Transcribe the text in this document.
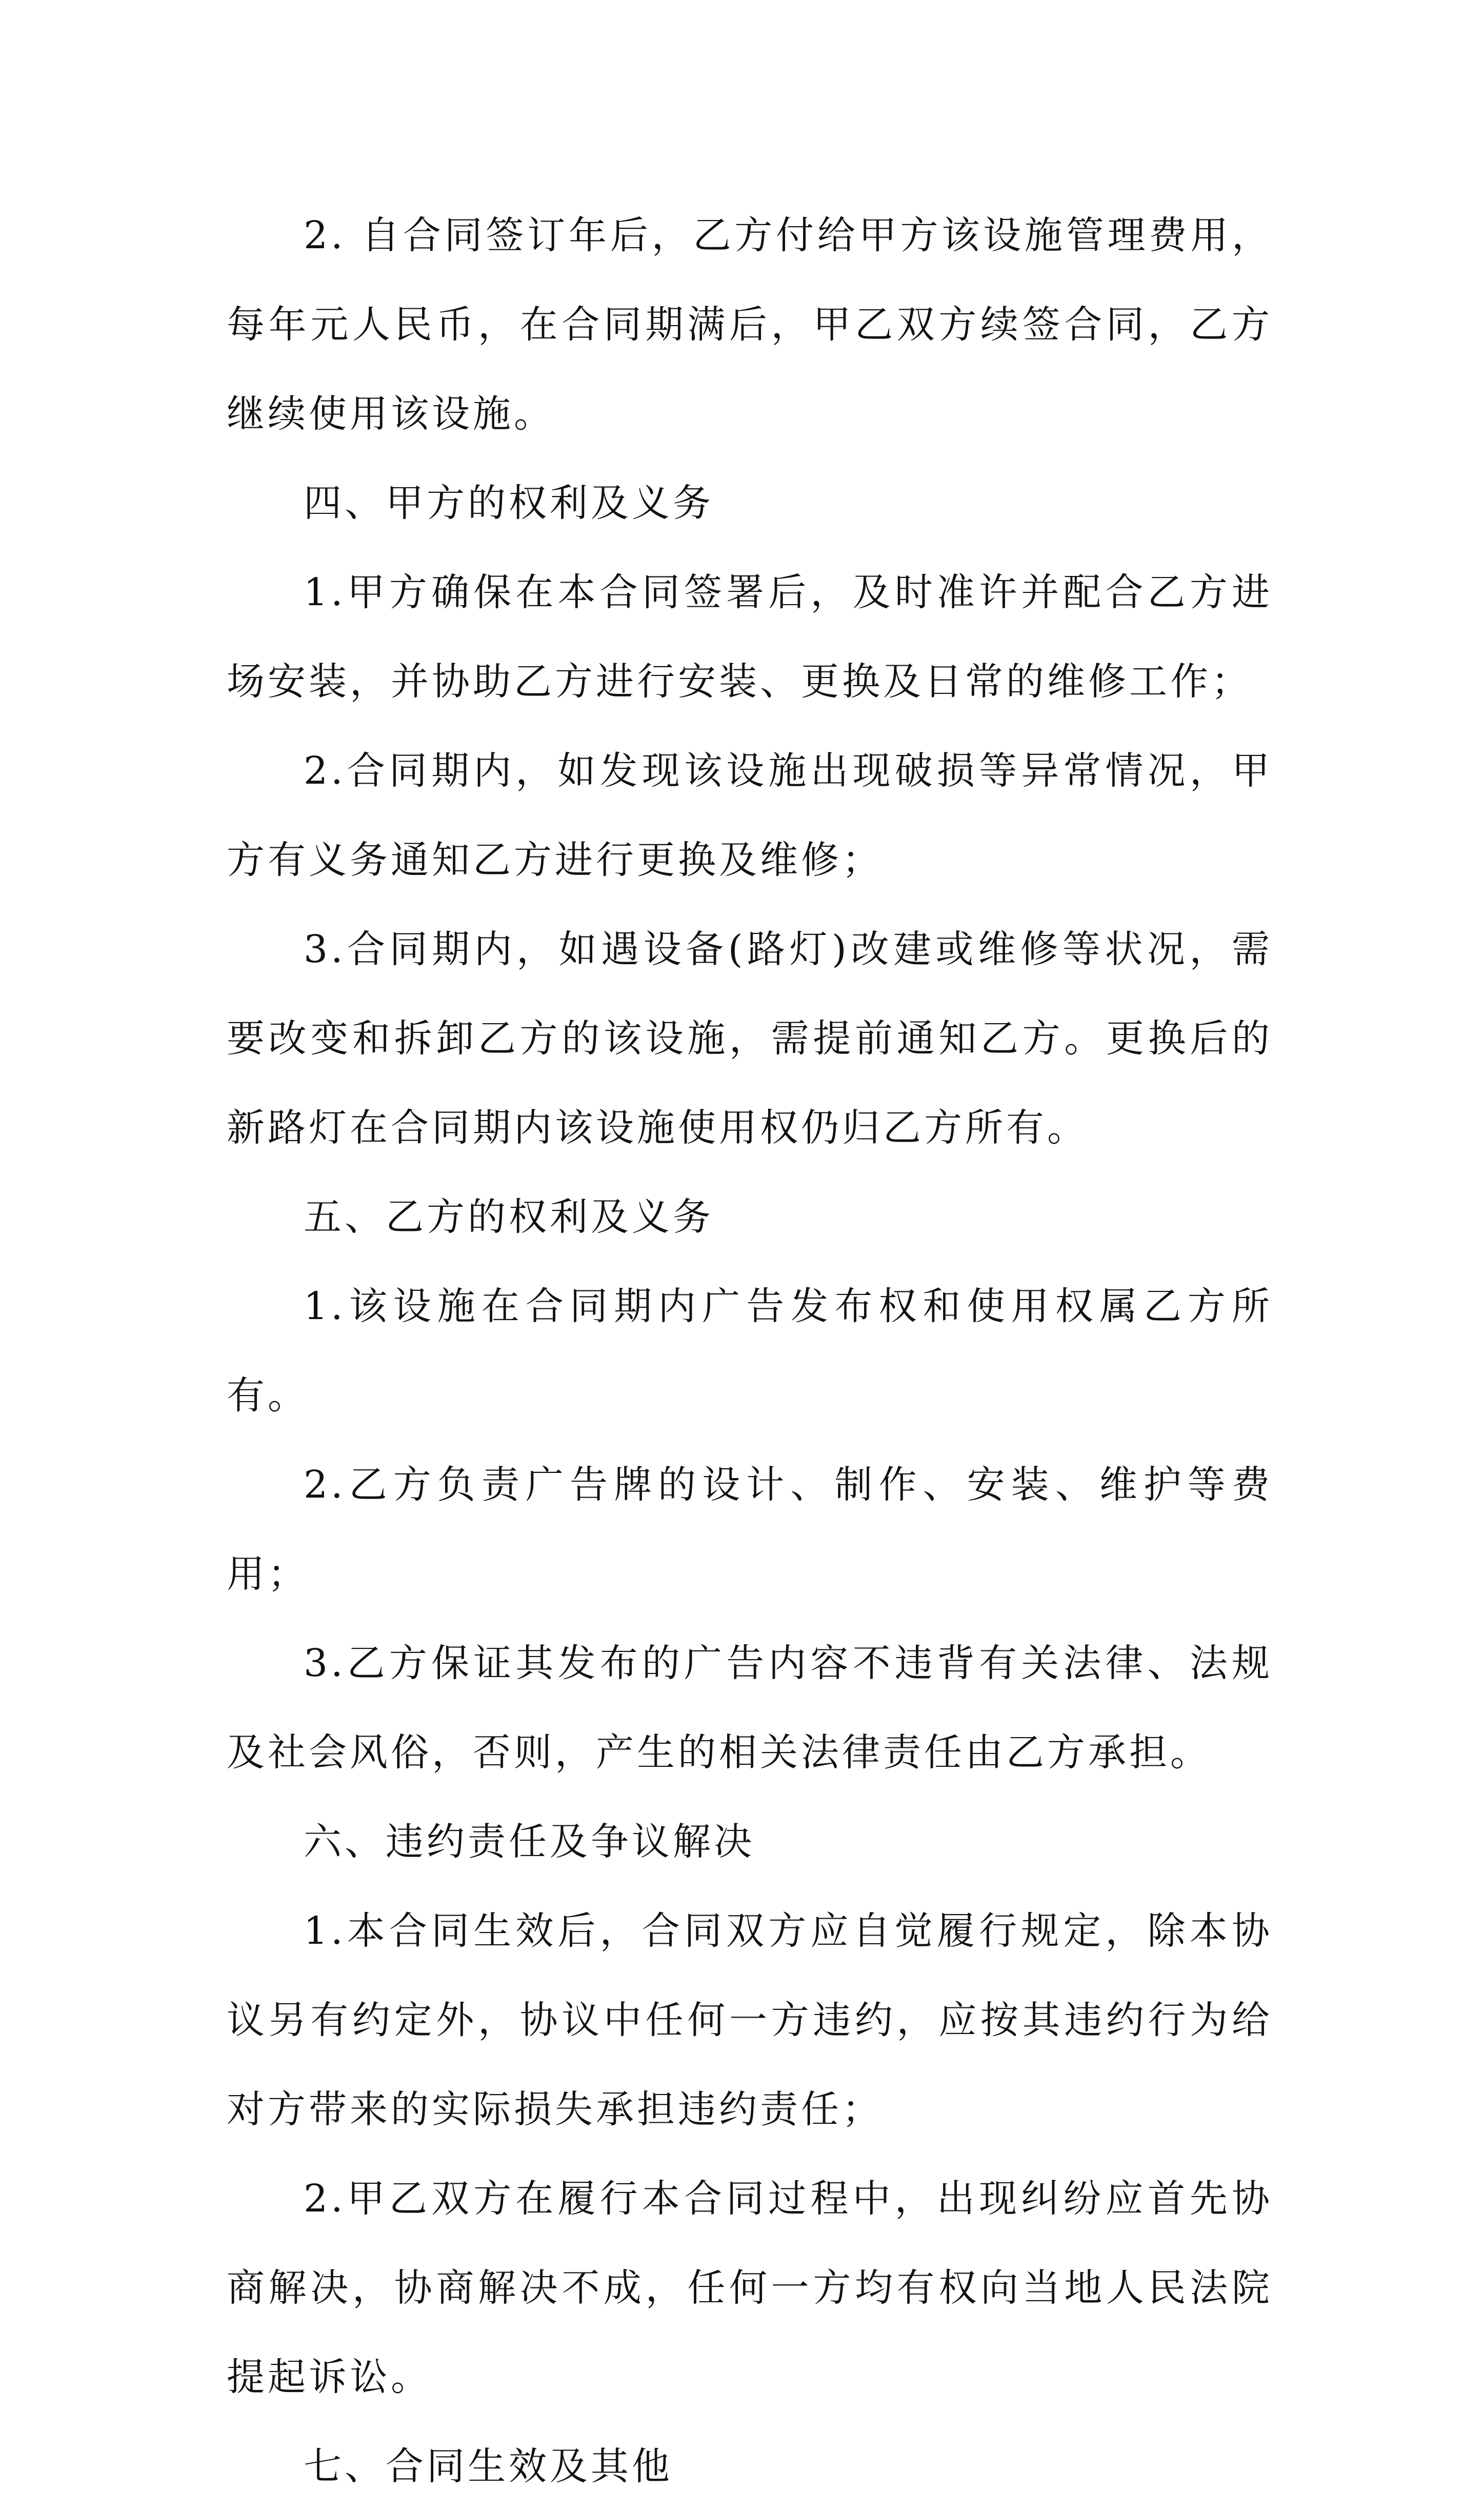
2. 自合同签订年后，乙方付给甲方该设施管理费用，每年元人民币，在合同期满后，甲乙双方续签合同，乙方继续使用该设施。

四、甲方的权利及义务

1.甲方确保在本合同签署后，及时准许并配合乙方进场安装，并协助乙方进行安装、更换及日常的维修工作；

2.合同期内，如发现该设施出现破损等异常情况，甲方有义务通知乙方进行更换及维修；

3.合同期内，如遇设备(路灯)改建或维修等状况，需要改变和拆卸乙方的该设施，需提前通知乙方。更换后的新路灯在合同期内该设施使用权仍归乙方所有。

五、乙方的权利及义务

1.该设施在合同期内广告发布权和使用权属乙方所有。

2.乙方负责广告牌的设计、制作、安装、维护等费用；

3.乙方保证其发布的广告内容不违背有关法律、法规及社会风俗，否则，产生的相关法律责任由乙方承担。

六、违约责任及争议解决

1.本合同生效后，合同双方应自觉履行规定，除本协议另有约定外，协议中任何一方违约，应按其违约行为给对方带来的实际损失承担违约责任；

2.甲乙双方在履行本合同过程中，出现纠纷应首先协商解决，协商解决不成，任何一方均有权向当地人民法院提起诉讼。

七、合同生效及其他
